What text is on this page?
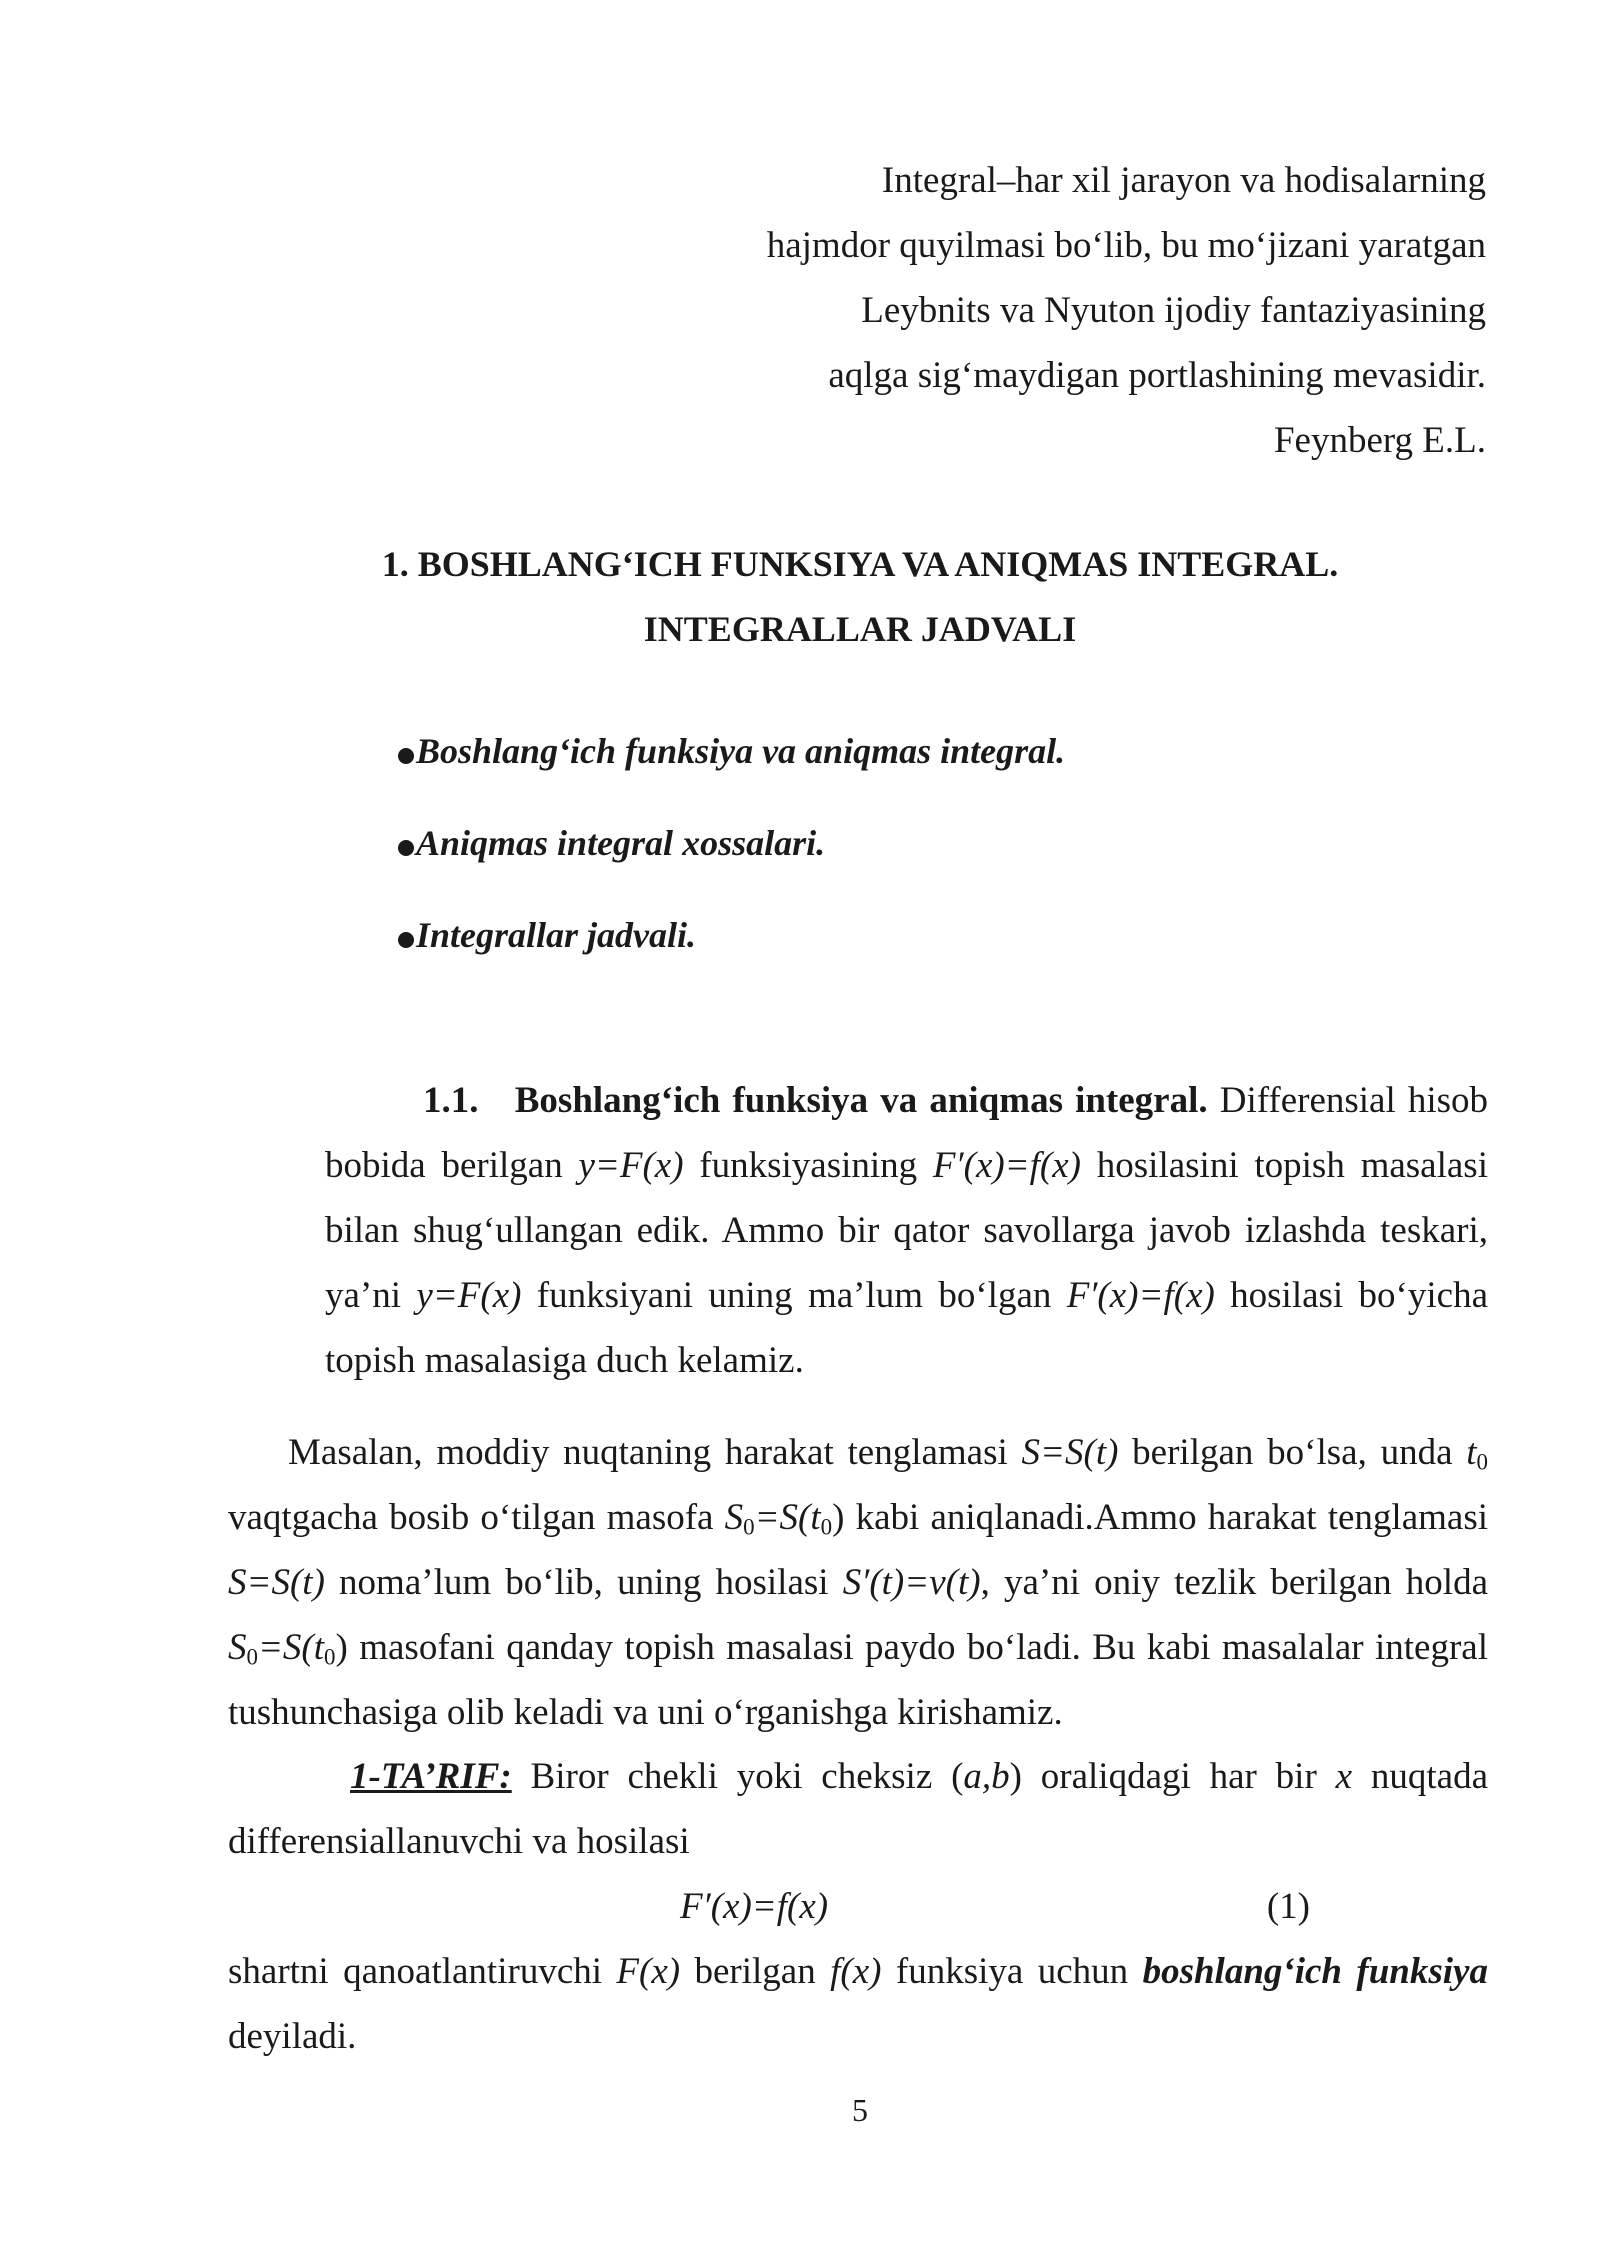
Integral–har xil jarayon va hodisalarning
hajmdor quyilmasi bo‘lib, bu mo‘jizani yaratgan
Leybnits va Nyuton ijodiy fantaziyasining
aqlga sig‘maydigan portlashining mevasidir.
Feynberg E.L.
1. BOSHLANG‘ICH FUNKSIYA VA ANIQMAS INTEGRAL.
INTEGRALLAR JADVALI
Boshlang‘ich funksiya va aniqmas integral.
Aniqmas integral xossalari.
Integrallar jadvali.
1.1. Boshlang‘ich funksiya va aniqmas integral. Differensial hisob bobida berilgan y=F(x) funksiyasining F′(x)=f(x) hosilasini topish masalasi bilan shug‘ullangan edik. Ammo bir qator savollarga javob izlashda teskari, ya’ni y=F(x) funksiyani uning ma’lum bo‘lgan F′(x)=f(x) hosilasi bo‘yicha topish masalasiga duch kelamiz.
Masalan, moddiy nuqtaning harakat tenglamasi S=S(t) berilgan bo‘lsa, unda $t_0$ vaqtgacha bosib o‘tilgan masofa $S_0=S(t_0)$ kabi aniqlanadi.Ammo harakat tenglamasi S=S(t) noma’lum bo‘lib, uning hosilasi S′(t)=v(t), ya’ni oniy tezlik berilgan holda $S_0=S(t_0)$ masofani qanday topish masalasi paydo bo‘ladi. Bu kabi masalalar integral tushunchasiga olib keladi va uni o‘rganishga kirishamiz.
1-TA’RIF: Biror chekli yoki cheksiz (a,b) oraliqdagi har bir x nuqtada differensiallanuvchi va hosilasi
F′(x)=f(x)	(1)
shartni qanoatlantiruvchi F(x) berilgan f(x) funksiya uchun boshlang‘ich funksiya deyiladi.
5
